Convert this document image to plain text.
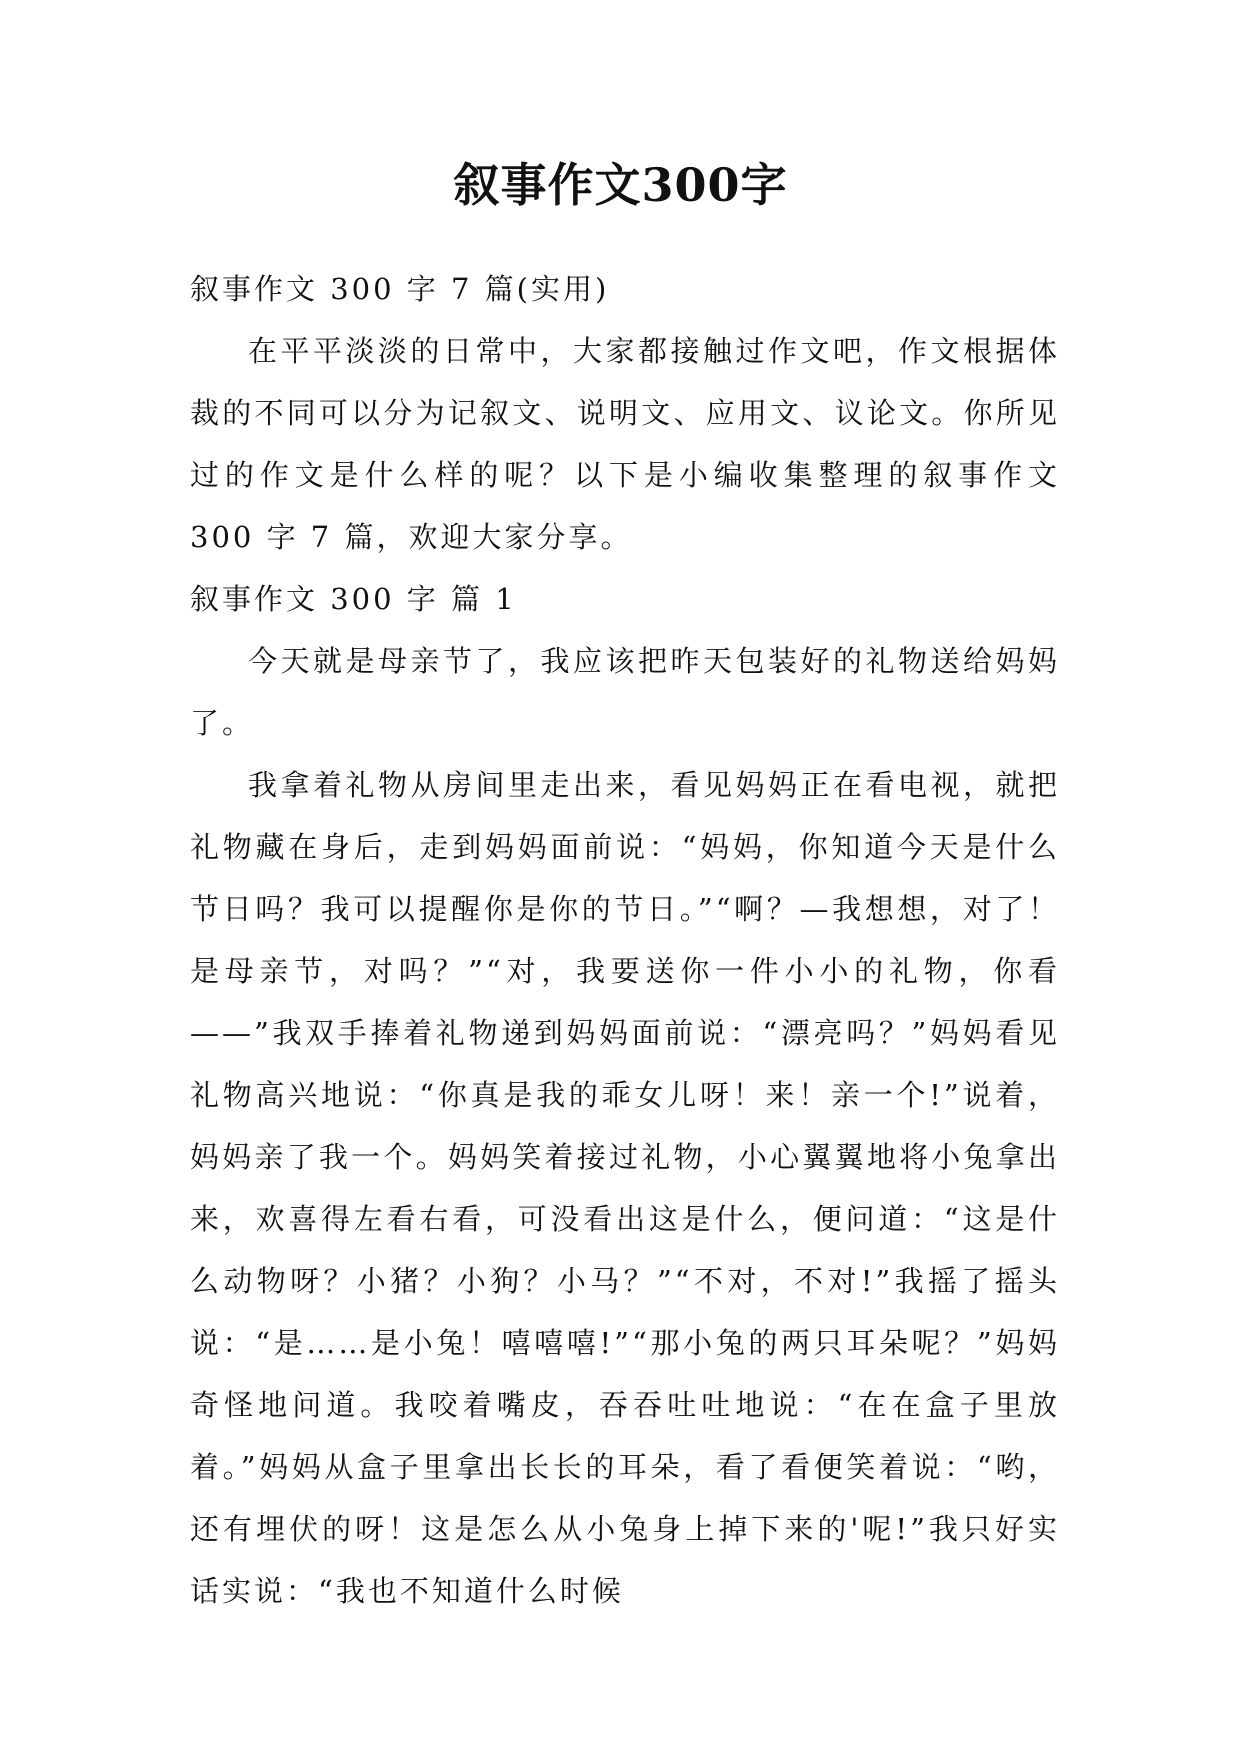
叙事作文300字

叙事作文 300 字 7 篇(实用)

在平平淡淡的日常中，大家都接触过作文吧，作文根据体裁的不同可以分为记叙文、说明文、应用文、议论文。你所见过的作文是什么样的呢？以下是小编收集整理的叙事作文 300 字 7 篇，欢迎大家分享。

叙事作文 300 字 篇 1

今天就是母亲节了，我应该把昨天包装好的礼物送给妈妈了。

我拿着礼物从房间里走出来，看见妈妈正在看电视，就把礼物藏在身后，走到妈妈面前说：“妈妈，你知道今天是什么节日吗？我可以提醒你是你的节日。”“啊？—我想想，对了！是母亲节，对吗？”“对，我要送你一件小小的礼物，你看——”我双手捧着礼物递到妈妈面前说：“漂亮吗？”妈妈看见礼物高兴地说：“你真是我的乖女儿呀！来！亲一个!”说着，妈妈亲了我一个。妈妈笑着接过礼物，小心翼翼地将小兔拿出来，欢喜得左看右看，可没看出这是什么，便问道：“这是什么动物呀？小猪？小狗？小马？”“不对，不对!”我摇了摇头说：“是……是小兔！嘻嘻嘻!”“那小兔的两只耳朵呢？”妈妈奇怪地问道。我咬着嘴皮，吞吞吐吐地说：“在在盒子里放着。”妈妈从盒子里拿出长长的耳朵，看了看便笑着说：“哟，还有埋伏的呀！这是怎么从小兔身上掉下来的'呢!”我只好实话实说：“我也不知道什么时候
